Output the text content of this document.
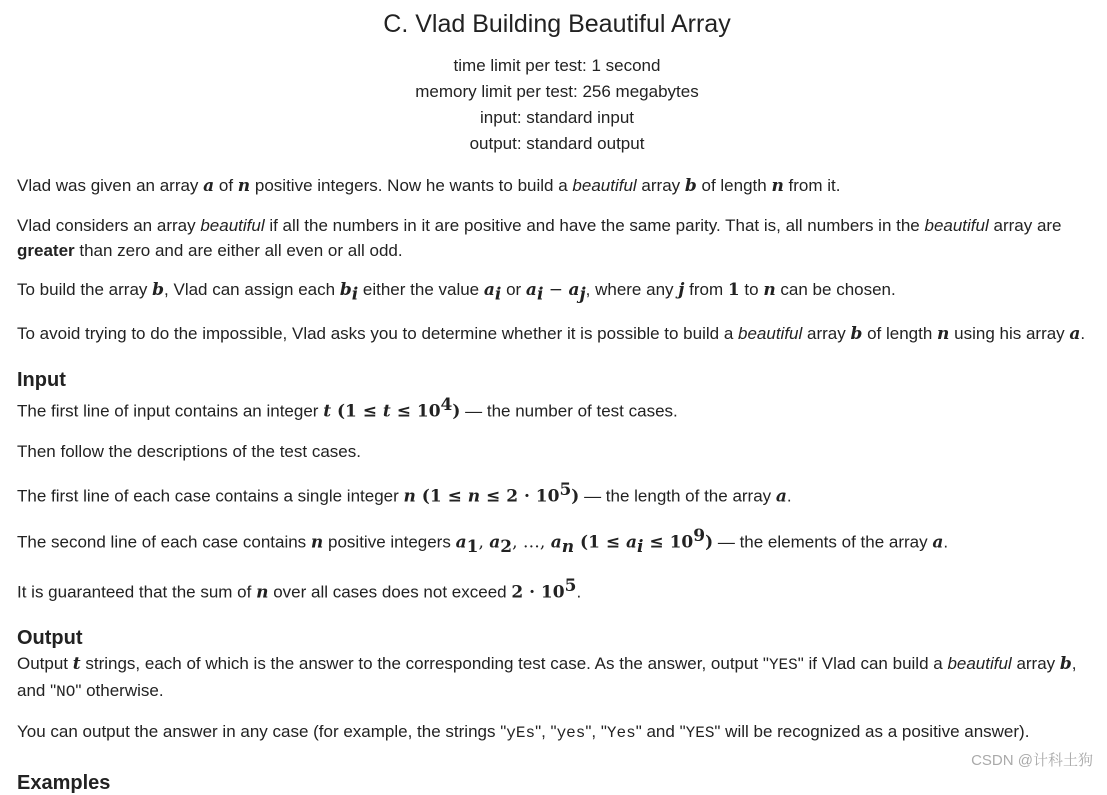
C. Vlad Building Beautiful Array
time limit per test: 1 second
memory limit per test: 256 megabytes
input: standard input
output: standard output

Vlad was given an array a of n positive integers. Now he wants to build a beautiful array b of length n from it.

Vlad considers an array beautiful if all the numbers in it are positive and have the same parity. That is, all numbers in the beautiful array are greater than zero and are either all even or all odd.

To build the array b, Vlad can assign each $b_i$ either the value $a_i$ or $a_i - a_j$, where any j from 1 to n can be chosen.

To avoid trying to do the impossible, Vlad asks you to determine whether it is possible to build a beautiful array b of length n using his array a.

Input

The first line of input contains an integer t $(1 \le t \le 10^4)$ — the number of test cases.

Then follow the descriptions of the test cases.

The first line of each case contains a single integer n $(1 \le n \le 2 \cdot 10^5)$ — the length of the array a.

The second line of each case contains n positive integers $a_1$, $a_2$, …, $a_n$ $(1 \le a_i \le 10^9)$ — the elements of the array a.

It is guaranteed that the sum of n over all cases does not exceed $2 \cdot 10^5$.

Output

Output t strings, each of which is the answer to the corresponding test case. As the answer, output "YES" if Vlad can build a beautiful array b, and "NO" otherwise.

You can output the answer in any case (for example, the strings "yEs", "yes", "Yes" and "YES" will be recognized as a positive answer).

Examples
CSDN @计科土狗
